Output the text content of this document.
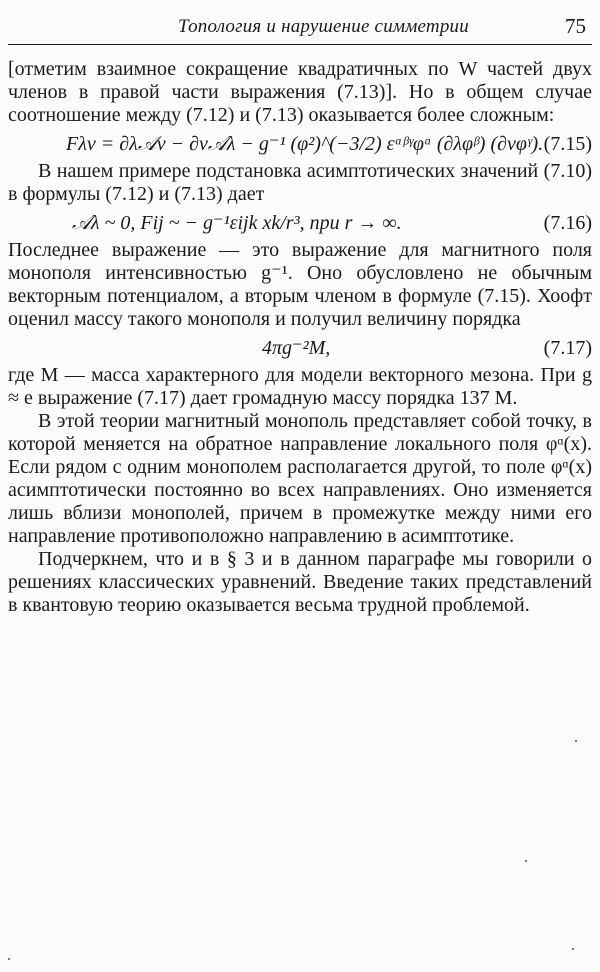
Топология и нарушение симметрии	75

[отметим взаимное сокращение квадратичных по W частей двух членов в правой части выражения (7.13)]. Но в общем случае соотношение между (7.12) и (7.13) оказывается более сложным:

Fλν = ∂λ𝒜ν − ∂ν𝒜λ − g⁻¹ (φ²)^(−3/2) εᵅᵝᵞφᵅ (∂λφᵝ) (∂νφᵞ). (7.15)

В нашем примере подстановка асимптотических значений (7.10) в формулы (7.12) и (7.13) дает

𝒜λ ~ 0, Fij ~ − g⁻¹εijk xk/r³, при r → ∞.	(7.16)

Последнее выражение — это выражение для магнитного поля монополя интенсивностью g⁻¹. Оно обусловлено не обычным векторным потенциалом, а вторым членом в формуле (7.15). Хоофт оценил массу такого монополя и получил величину порядка

4πg⁻²M,	(7.17)

где M — масса характерного для модели векторного мезона. При g ≈ e выражение (7.17) дает громадную массу порядка 137 M.

В этой теории магнитный монополь представляет собой точку, в которой меняется на обратное направление локального поля φᵅ(x). Если рядом с одним монополем располагается другой, то поле φᵅ(x) асимптотически постоянно во всех направлениях. Оно изменяется лишь вблизи монополей, причем в промежутке между ними его направление противоположно направлению в асимптотике.

Подчеркнем, что и в § 3 и в данном параграфе мы говорили о решениях классических уравнений. Введение таких представлений в квантовую теорию оказывается весьма трудной проблемой.
